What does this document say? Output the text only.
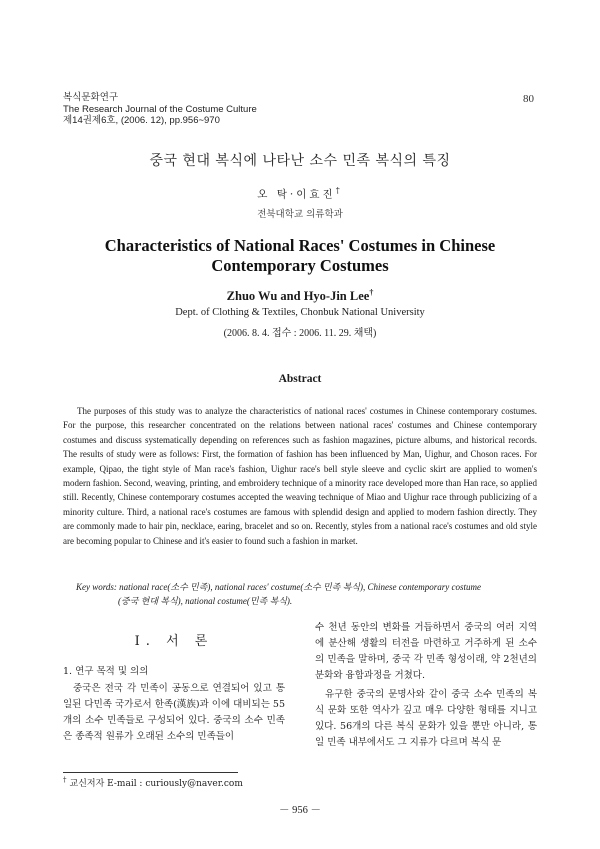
복식문화연구
The Research Journal of the Costume Culture
제14권제6호, (2006. 12), pp.956~970
80
중국 현대 복식에 나타난 소수 민족 복식의 특징
오 탁·이효진†
전북대학교 의류학과
Characteristics of National Races' Costumes in Chinese Contemporary Costumes
Zhuo Wu and Hyo-Jin Lee†
Dept. of Clothing & Textiles, Chonbuk National University
(2006. 8. 4. 접수 : 2006. 11. 29. 채택)
Abstract
The purposes of this study was to analyze the characteristics of national races' costumes in Chinese contemporary costumes. For the purpose, this researcher concentrated on the relations between national races' costumes and Chinese contemporary costumes and discuss systematically depending on references such as fashion magazines, picture albums, and historical records. The results of study were as follows: First, the formation of fashion has been influenced by Man, Uighur, and Choson races. For example, Qipao, the tight style of Man race's fashion, Uighur race's bell style sleeve and cyclic skirt are applied to women's modern fashion. Second, weaving, printing, and embroidery technique of a minority race developed more than Han race, so applied still. Recently, Chinese contemporary costumes accepted the weaving technique of Miao and Uighur race through publicizing of a minority culture. Third, a national race's costumes are famous with splendid design and applied to modern fashion directly. They are commonly made to hair pin, necklace, earing, bracelet and so on. Recently, styles from a national race's costumes and old style are becoming popular to Chinese and it's easier to found such a fashion in market.
Key words: national race(소수 민족), national races' costume(소수 민족 복식), Chinese contemporary costume
(중국 현대 복식), national costume(민족 복식).
Ⅰ. 서 론
1. 연구 목적 및 의의

중국은 전국 각 민족이 공동으로 연결되어 있고 통일된 다민족 국가로서 한족(漢族)과 이에 대비되는 55개의 소수 민족들로 구성되어 있다. 중국의 소수 민족은 종족적 원류가 오래된 소수의 민족들이

수 천년 동안의 변화를 거듭하면서 중국의 여러 지역에 분산해 생활의 터전을 마련하고 거주하게 된 소수의 민족을 말하며, 중국 각 민족 형성이래, 약 2천년의 분화와 융합과정을 거쳤다.

유구한 중국의 문명사와 같이 중국 소수 민족의 복식 문화 또한 역사가 깊고 매우 다양한 형태를 지니고 있다. 56개의 다른 복식 문화가 있을 뿐만 아니라, 통일 민족 내부에서도 그 지류가 다르며 복식 문

† 교신저자 E-mail : curiously@naver.com
－ 956 －
